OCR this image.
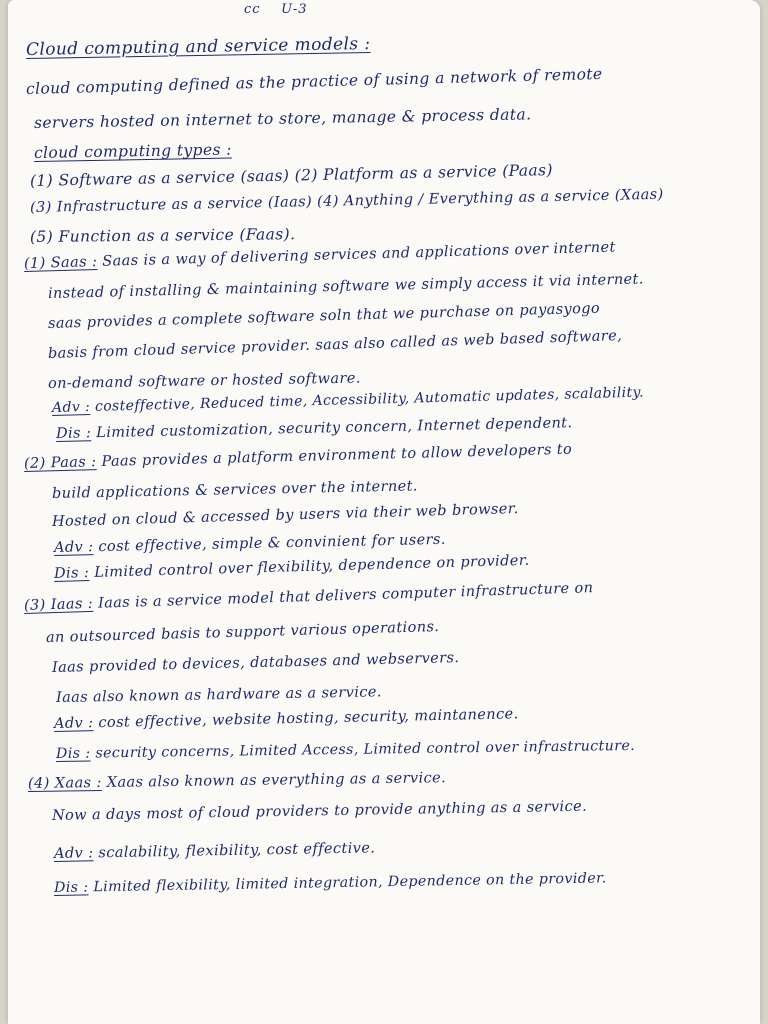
cc U-3
Cloud computing and service models :
cloud computing defined as the practice of using a network of remote
servers hosted on internet to store, manage & process data.
cloud computing types :
(1) Software as a service (saas) (2) Platform as a service (Paas)
(3) Infrastructure as a service (Iaas) (4) Anything / Everything as a service (Xaas)
(5) Function as a service (Faas).
(1) Saas : Saas is a way of delivering services and applications over internet
instead of installing & maintaining software we simply access it via internet.
saas provides a complete software soln that we purchase on payasyogo
basis from cloud service provider. saas also called as web based software,
on-demand software or hosted software.
Adv : costeffective, Reduced time, Accessibility, Automatic updates, scalability.
Dis : Limited customization, security concern, Internet dependent.
(2) Paas : Paas provides a platform environment to allow developers to
build applications & services over the internet.
Hosted on cloud & accessed by users via their web browser.
Adv : cost effective, simple & convinient for users.
Dis : Limited control over flexibility, dependence on provider.
(3) Iaas : Iaas is a service model that delivers computer infrastructure on
an outsourced basis to support various operations.
Iaas provided to devices, databases and webservers.
Iaas also known as hardware as a service.
Adv : cost effective, website hosting, security, maintanence.
Dis : security concerns, Limited Access, Limited control over infrastructure.
(4) Xaas : Xaas also known as everything as a service.
Now a days most of cloud providers to provide anything as a service.
Adv : scalability, flexibility, cost effective.
Dis : Limited flexibility, limited integration, Dependence on the provider.
